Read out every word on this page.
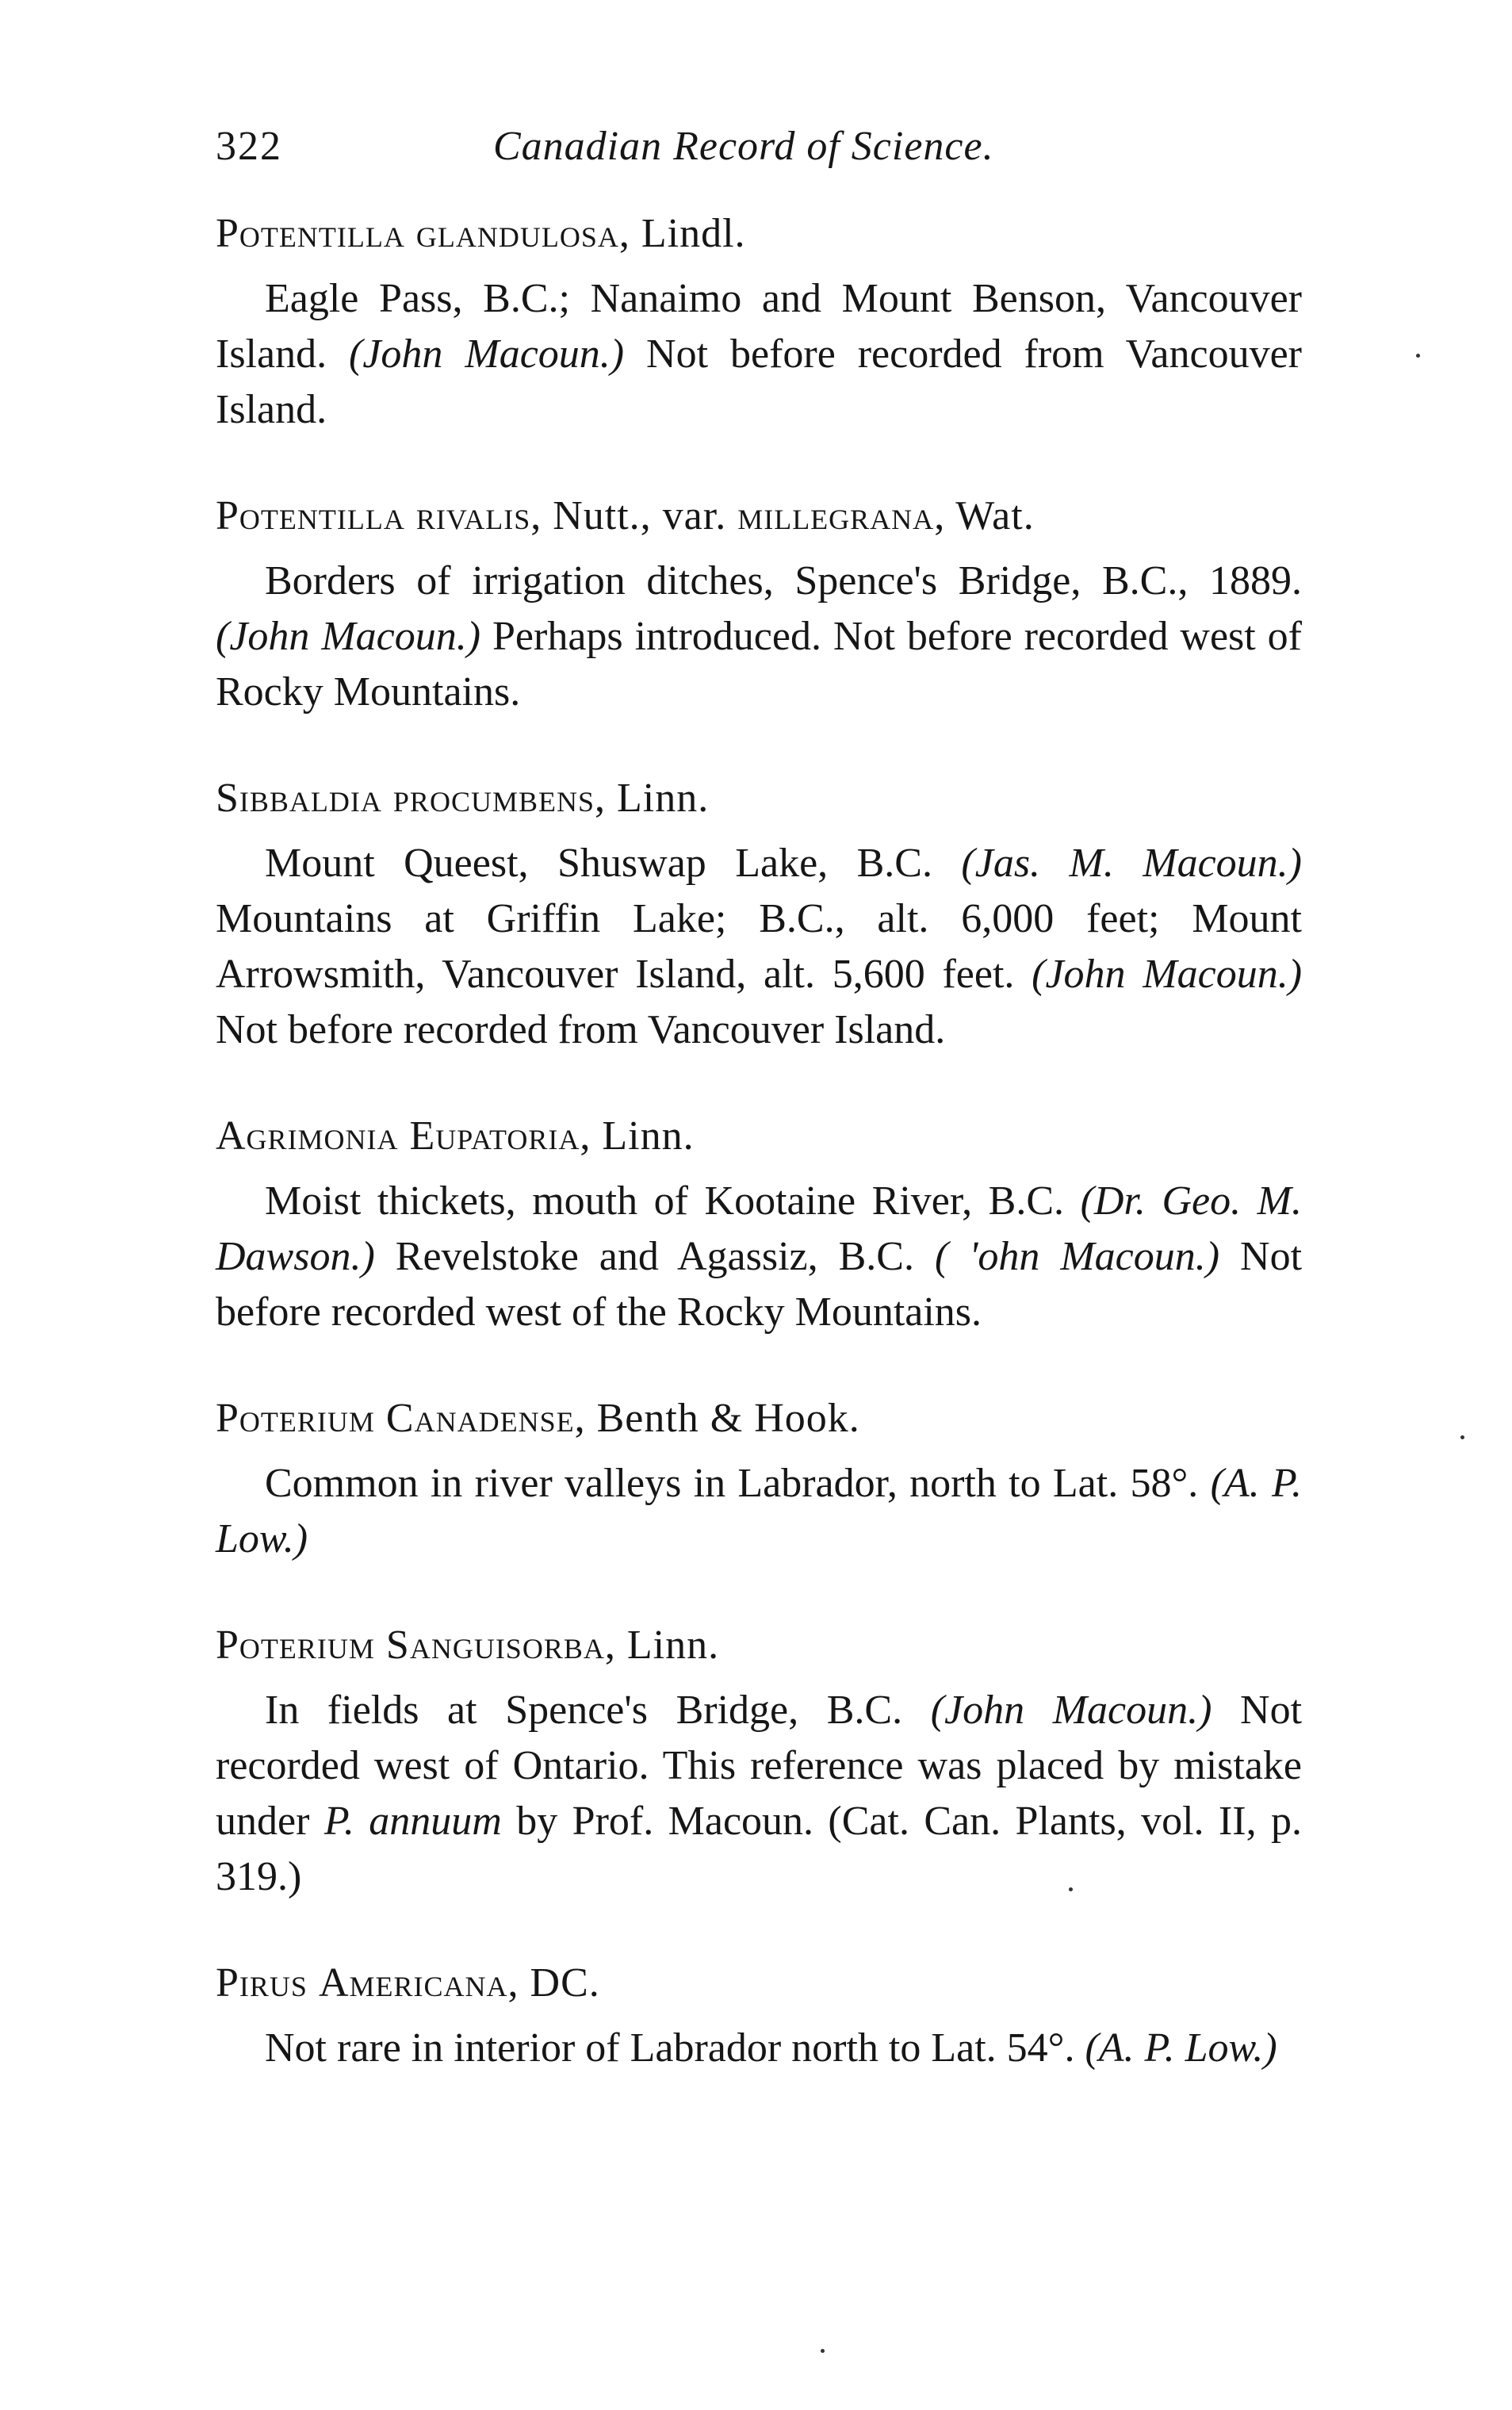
322	Canadian Record of Science.

Potentilla glandulosa, Lindl.

Eagle Pass, B.C.; Nanaimo and Mount Benson, Vancouver Island. (John Macoun.) Not before recorded from Vancouver Island.

Potentilla rivalis, Nutt., var. millegrana, Wat.

Borders of irrigation ditches, Spence's Bridge, B.C., 1889. (John Macoun.) Perhaps introduced. Not before recorded west of Rocky Mountains.

Sibbaldia procumbens, Linn.

Mount Queest, Shuswap Lake, B.C. (Jas. M. Macoun.) Mountains at Griffin Lake; B.C., alt. 6,000 feet; Mount Arrowsmith, Vancouver Island, alt. 5,600 feet. (John Macoun.) Not before recorded from Vancouver Island.

Agrimonia Eupatoria, Linn.

Moist thickets, mouth of Kootaine River, B.C. (Dr. Geo. M. Dawson.) Revelstoke and Agassiz, B.C. ( 'ohn Macoun.) Not before recorded west of the Rocky Mountains.

Poterium Canadense, Benth & Hook.

Common in river valleys in Labrador, north to Lat. 58°. (A. P. Low.)

Poterium Sanguisorba, Linn.

In fields at Spence's Bridge, B.C. (John Macoun.) Not recorded west of Ontario. This reference was placed by mistake under P. annuum by Prof. Macoun. (Cat. Can. Plants, vol. II, p. 319.)

Pirus Americana, DC.

Not rare in interior of Labrador north to Lat. 54°. (A. P. Low.)
